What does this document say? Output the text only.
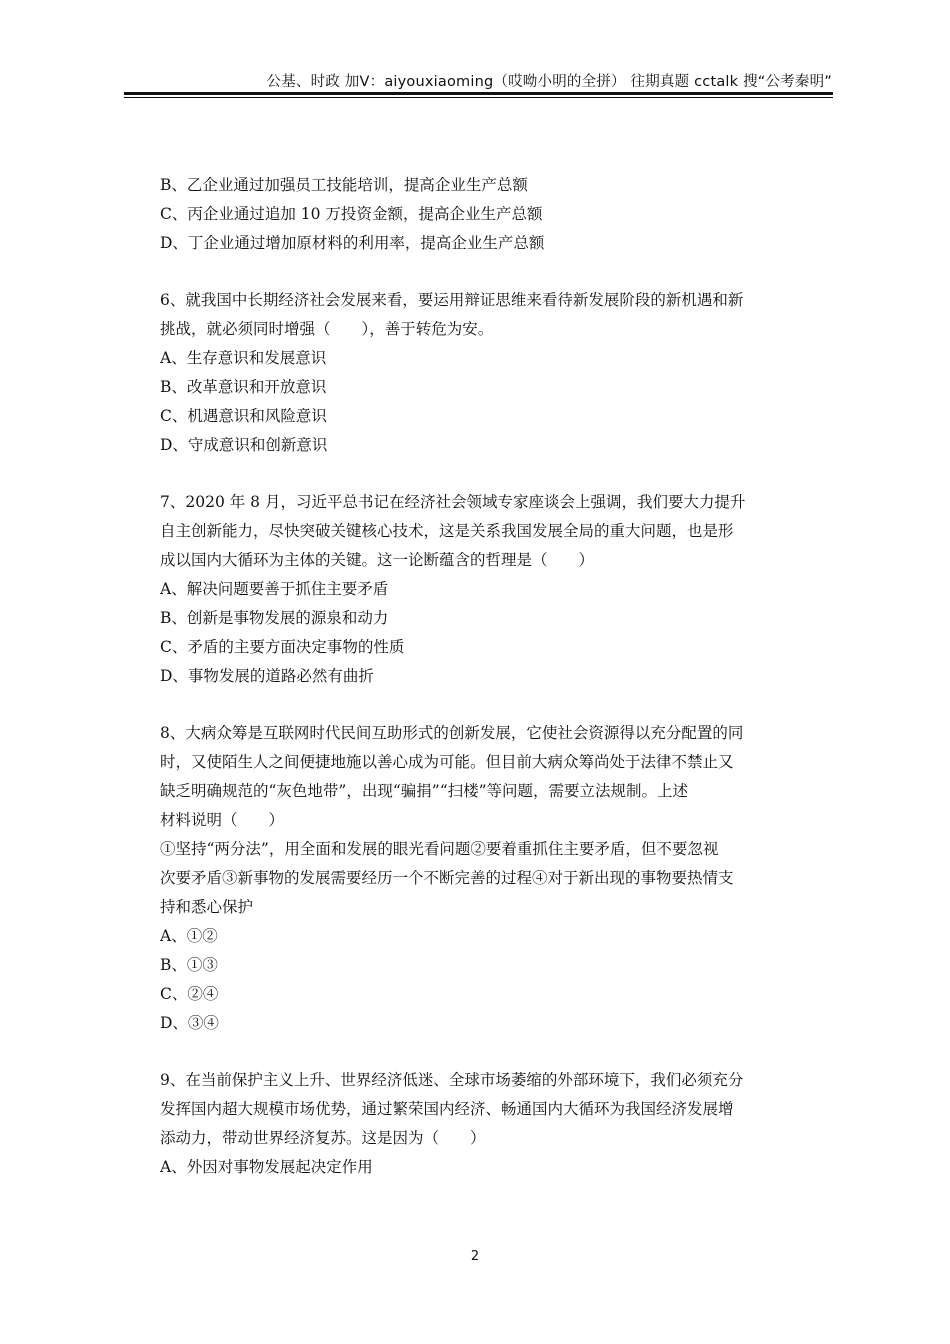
公基、时政 加V：aiyouxiaoming（哎呦小明的全拼） 往期真题 cctalk 搜“公考秦明”
B、乙企业通过加强员工技能培训，提高企业生产总额
C、丙企业通过追加 10 万投资金额，提高企业生产总额
D、丁企业通过增加原材料的利用率，提高企业生产总额
6、就我国中长期经济社会发展来看，要运用辩证思维来看待新发展阶段的新机遇和新
挑战，就必须同时增强（　　），善于转危为安。
A、生存意识和发展意识
B、改革意识和开放意识
C、机遇意识和风险意识
D、守成意识和创新意识
7、2020 年 8 月，习近平总书记在经济社会领域专家座谈会上强调，我们要大力提升
自主创新能力，尽快突破关键核心技术，这是关系我国发展全局的重大问题，也是形
成以国内大循环为主体的关键。这一论断蕴含的哲理是（　　）
A、解决问题要善于抓住主要矛盾
B、创新是事物发展的源泉和动力
C、矛盾的主要方面决定事物的性质
D、事物发展的道路必然有曲折
8、大病众筹是互联网时代民间互助形式的创新发展，它使社会资源得以充分配置的同
时，又使陌生人之间便捷地施以善心成为可能。但目前大病众筹尚处于法律不禁止又
缺乏明确规范的“灰色地带”，出现“骗捐”“扫楼”等问题，需要立法规制。上述
材料说明（　　）
①坚持“两分法”，用全面和发展的眼光看问题②要着重抓住主要矛盾，但不要忽视
次要矛盾③新事物的发展需要经历一个不断完善的过程④对于新出现的事物要热情支
持和悉心保护
A、①②
B、①③
C、②④
D、③④
9、在当前保护主义上升、世界经济低迷、全球市场萎缩的外部环境下，我们必须充分
发挥国内超大规模市场优势，通过繁荣国内经济、畅通国内大循环为我国经济发展增
添动力，带动世界经济复苏。这是因为（　　）
A、外因对事物发展起决定作用
2
